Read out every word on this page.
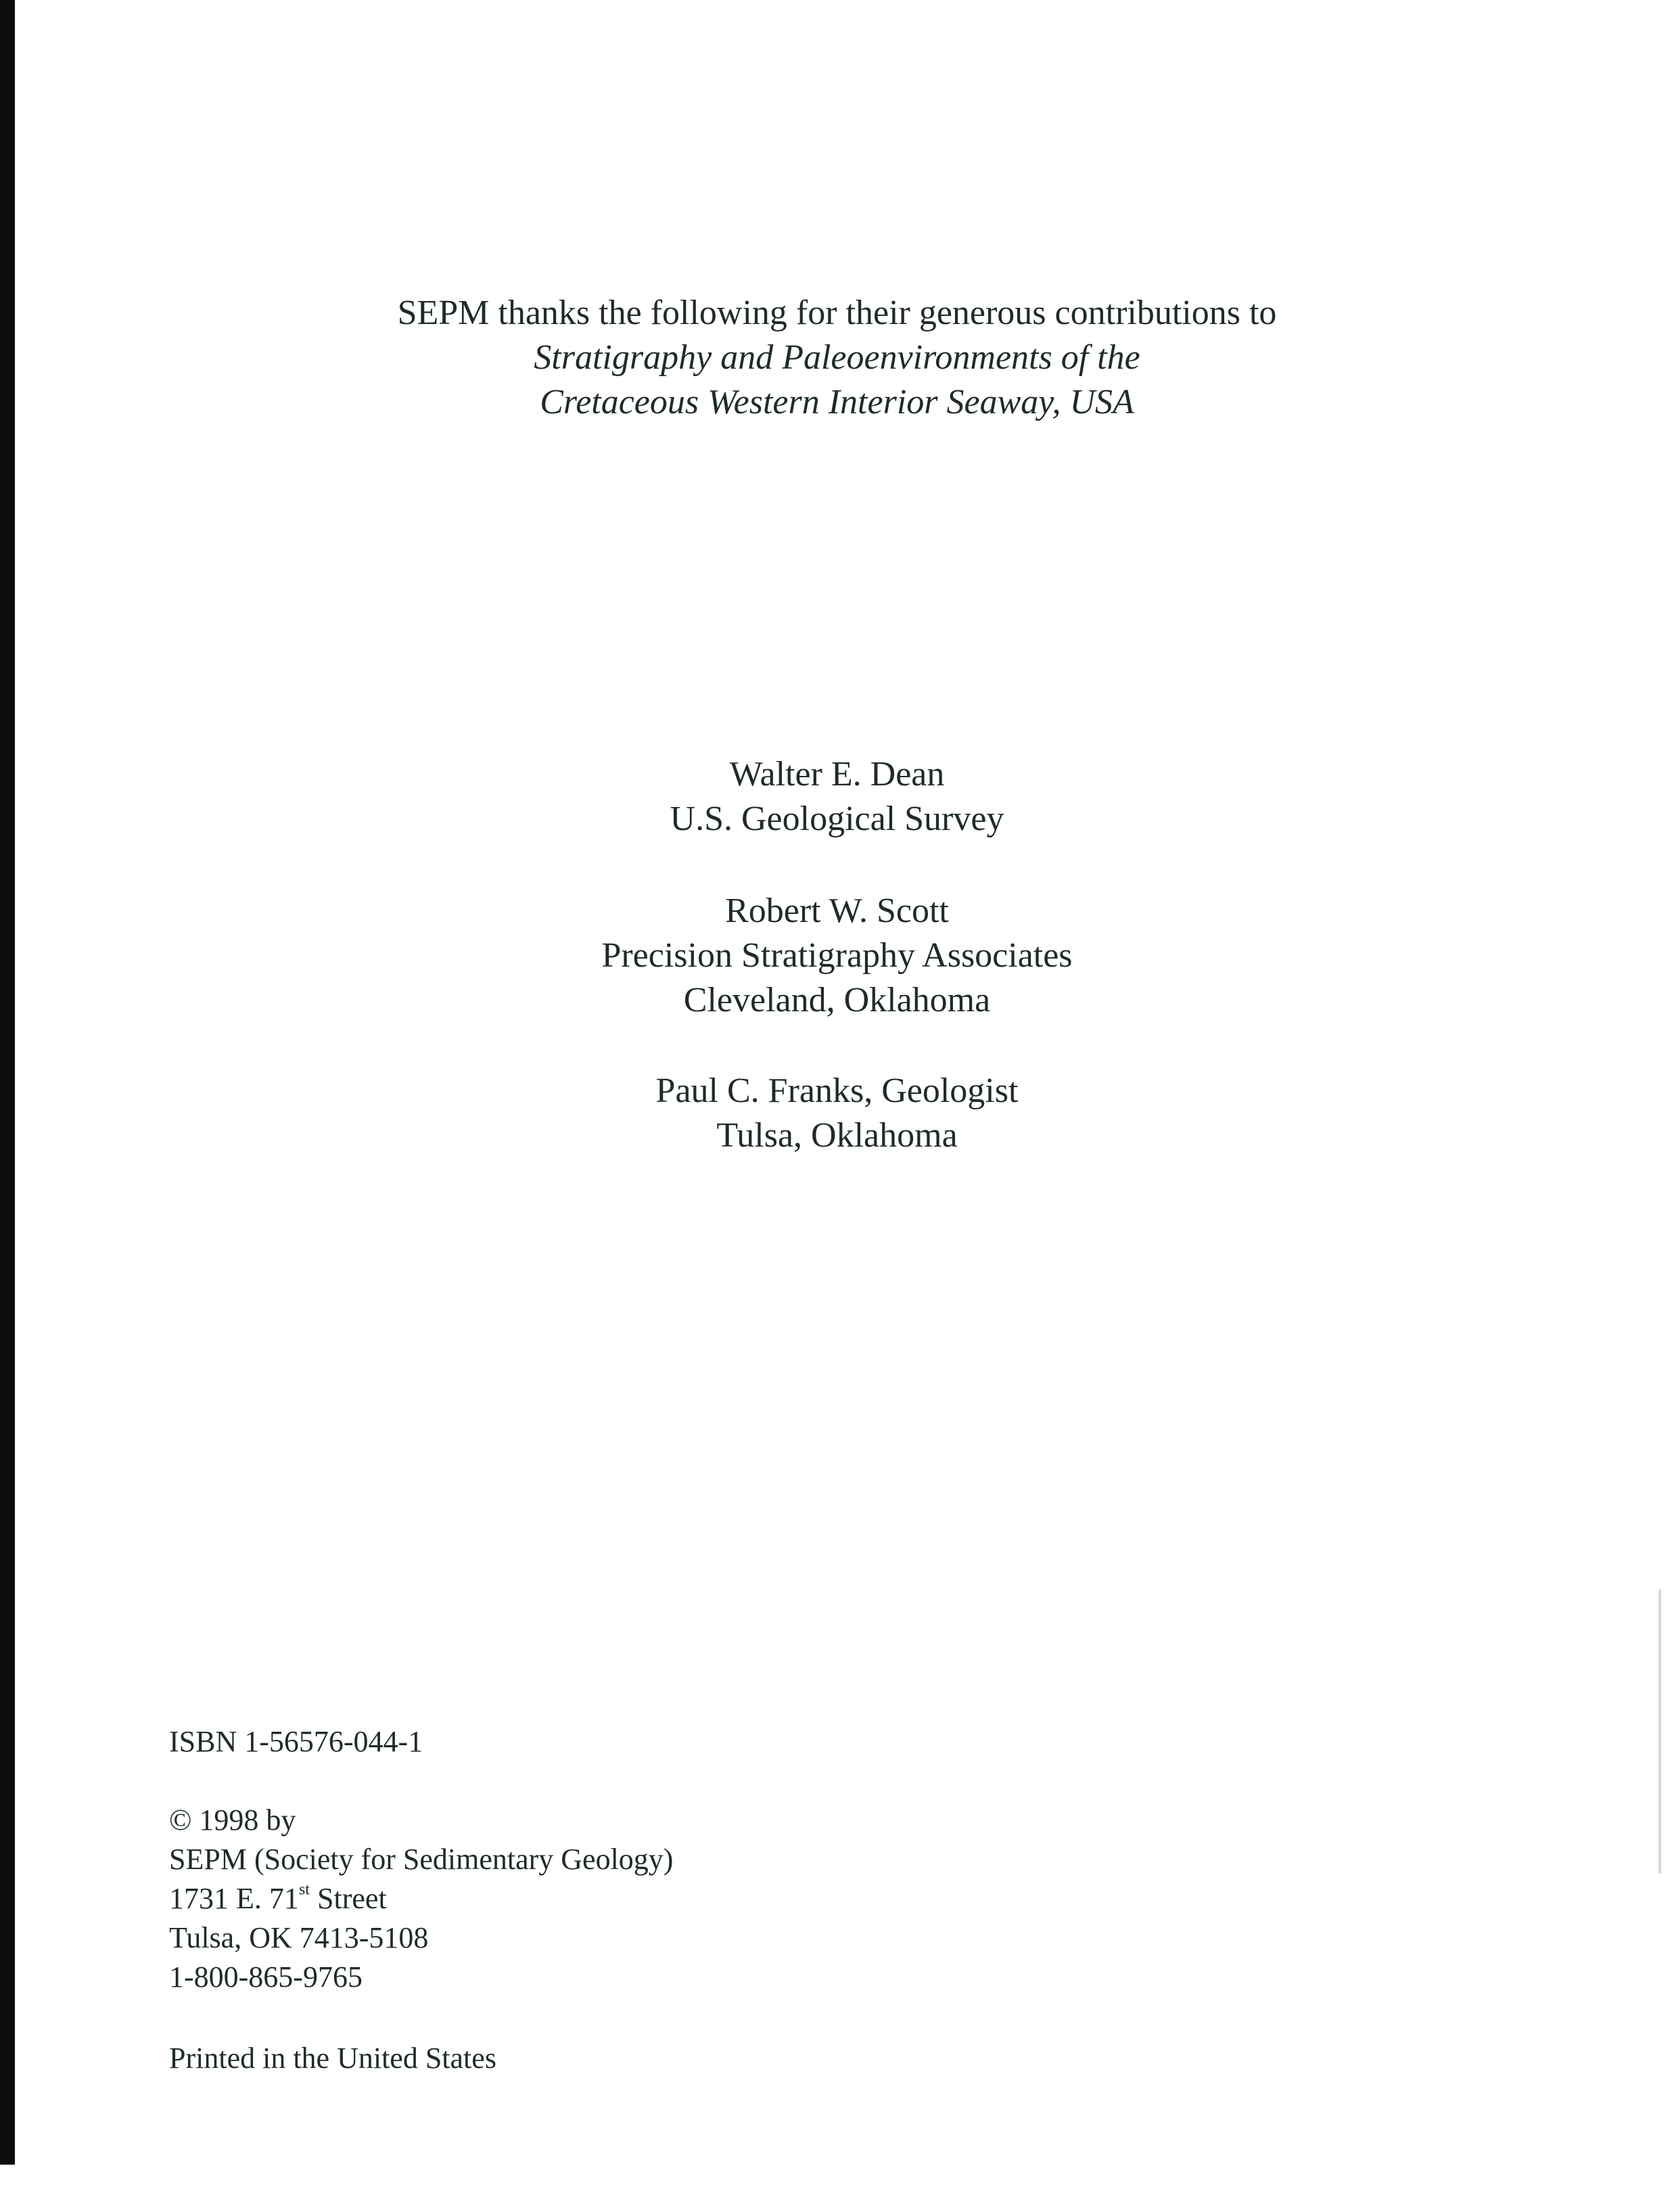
SEPM thanks the following for their generous contributions to
Stratigraphy and Paleoenvironments of the
Cretaceous Western Interior Seaway, USA
Walter E. Dean
U.S. Geological Survey
Robert W. Scott
Precision Stratigraphy Associates
Cleveland, Oklahoma
Paul C. Franks, Geologist
Tulsa, Oklahoma
ISBN 1-56576-044-1
© 1998 by
SEPM (Society for Sedimentary Geology)
1731 E. 71st Street
Tulsa, OK 7413-5108
1-800-865-9765
Printed in the United States
